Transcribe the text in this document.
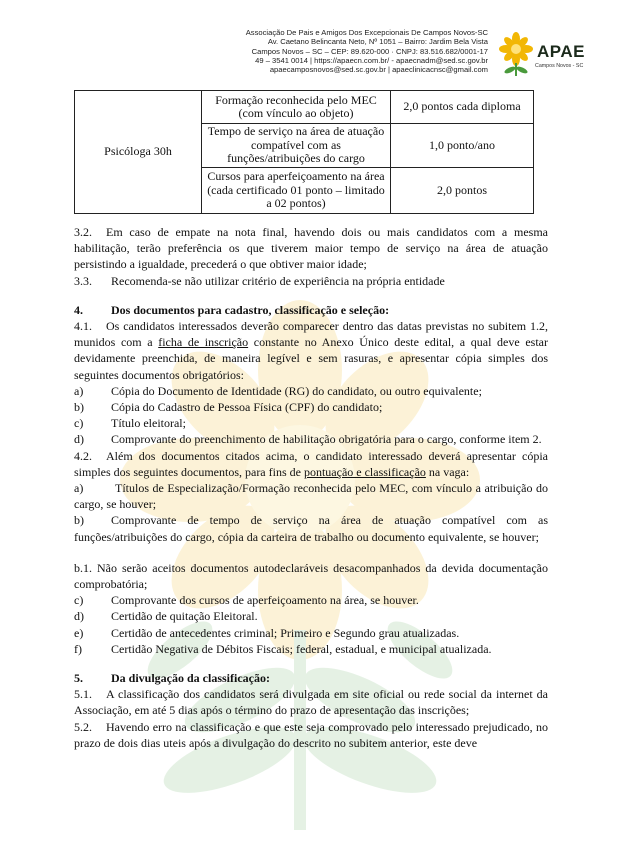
Associação De Pais e Amigos Dos Excepcionais De Campos Novos-SC
Av. Caetano Belincanta Neto, Nº 1051 – Bairro: Jardim Bela Vista
Campos Novos – SC – CEP: 89.620-000 · CNPJ: 83.516.682/0001-17
49 – 3541 0014 | https://apaecn.com.br/ - apaecnadm@sed.sc.gov.br
apaecamposnovos@sed.sc.gov.br | apaeclinicacnsc@gmail.com
APAE
Campos Novos - SC
Psicóloga 30h	Formação reconhecida pelo MEC (com vínculo ao objeto)	2,0 pontos cada diploma
	Tempo de serviço na área de atuação compatível com as funções/atribuições do cargo	1,0 ponto/ano
	Cursos para aperfeiçoamento na área (cada certificado 01 ponto – limitado a 02 pontos)	2,0 pontos

3.2. Em caso de empate na nota final, havendo dois ou mais candidatos com a mesma habilitação, terão preferência os que tiverem maior tempo de serviço na área de atuação persistindo a igualdade, precederá o que obtiver maior idade;

3.3.	Recomenda-se não utilizar critério de experiência na própria entidade
4.	Dos documentos para cadastro, classificação e seleção:

4.1. Os candidatos interessados deverão comparecer dentro das datas previstas no subitem 1.2, munidos com a ficha de inscrição constante no Anexo Único deste edital, a qual deve estar devidamente preenchida, de maneira legível e sem rasuras, e apresentar cópia simples dos seguintes documentos obrigatórios:

a)	Cópia do Documento de Identidade (RG) do candidato, ou outro equivalente;
b)	Cópia do Cadastro de Pessoa Física (CPF) do candidato;
c)	Título eleitoral;

d) Comprovante do preenchimento de habilitação obrigatória para o cargo, conforme item 2.

4.2. Além dos documentos citados acima, o candidato interessado deverá apresentar cópia simples dos seguintes documentos, para fins de pontuação e classificação na vaga:

a)	Títulos de Especialização/Formação reconhecida pelo MEC, com vínculo a atribuição do cargo, se houver;

b) Comprovante de tempo de serviço na área de atuação compatível com as funções/atribuições do cargo, cópia da carteira de trabalho ou documento equivalente, se houver;

b.1. Não serão aceitos documentos autodeclaráveis desacompanhados da devida documentação comprobatória;

c)	Comprovante dos cursos de aperfeiçoamento na área, se houver.
d)	Certidão de quitação Eleitoral.
e)	Certidão de antecedentes criminal; Primeiro e Segundo grau atualizadas.
f)	Certidão Negativa de Débitos Fiscais; federal, estadual, e municipal atualizada.
5.	Da divulgação da classificação:

5.1. A classificação dos candidatos será divulgada em site oficial ou rede social da internet da Associação, em até 5 dias após o término do prazo de apresentação das inscrições;

5.2. Havendo erro na classificação e que este seja comprovado pelo interessado prejudicado, no prazo de dois dias uteis após a divulgação do descrito no subitem anterior, este deve
